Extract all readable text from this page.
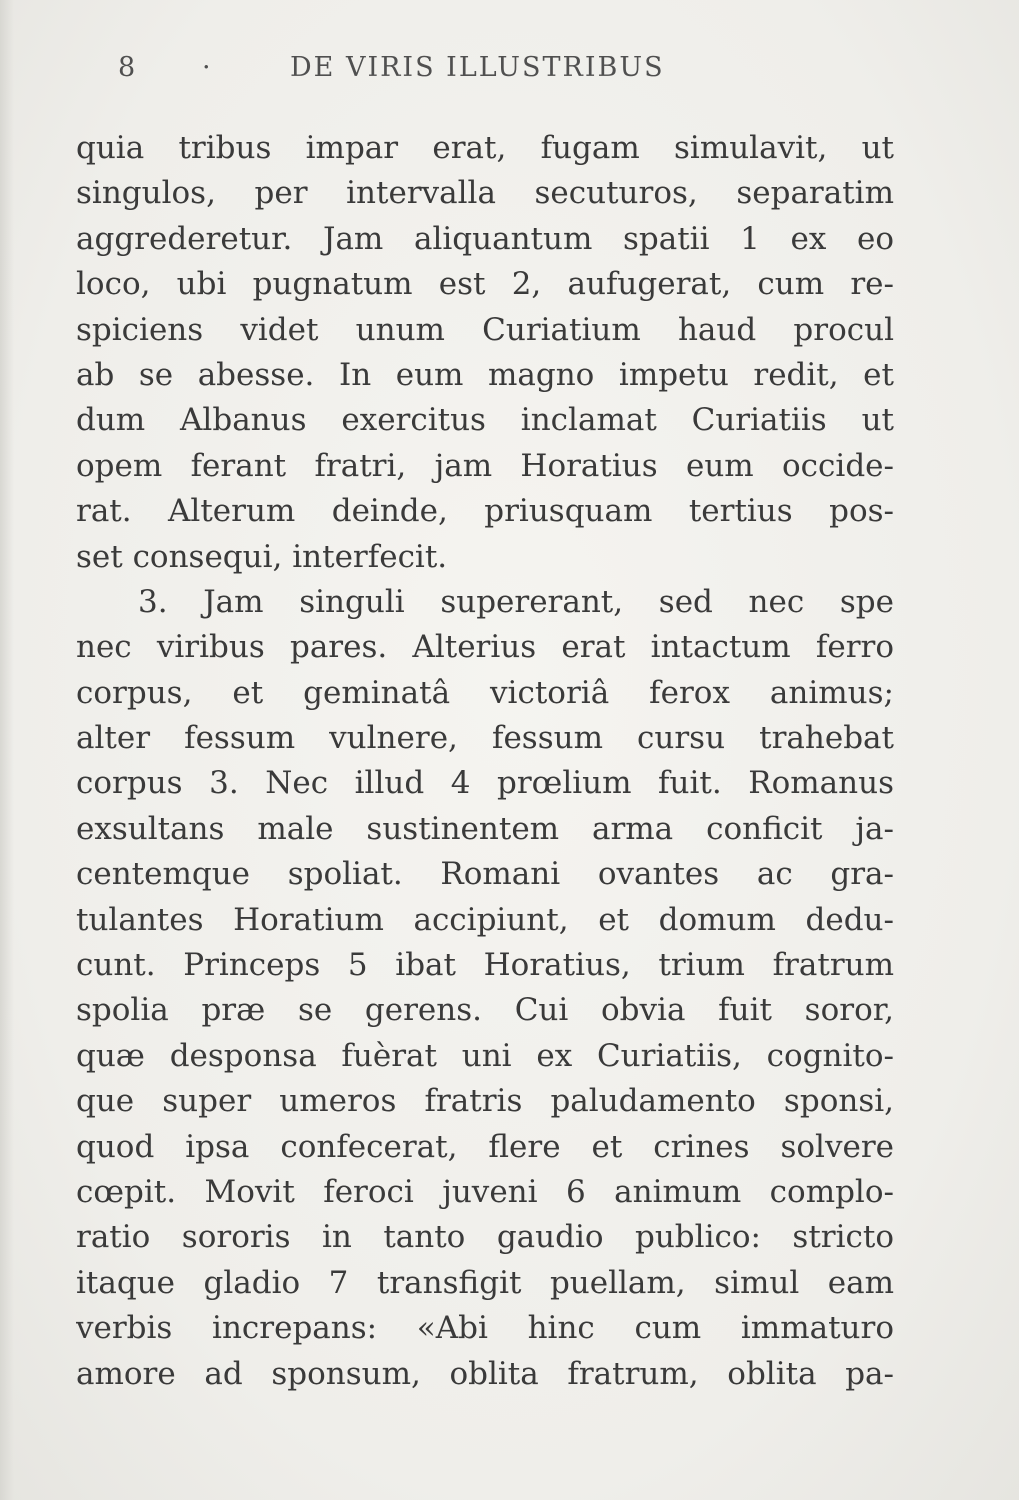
8 ·	DE VIRIS ILLUSTRIBUS
quia tribus impar erat, fugam simulavit, ut
singulos, per intervalla secuturos, separatim
aggrederetur. Jam aliquantum spatii 1 ex eo
loco, ubi pugnatum est 2, aufugerat, cum re-
spiciens videt unum Curiatium haud procul
ab se abesse. In eum magno impetu redit, et
dum Albanus exercitus inclamat Curiatiis ut
opem ferant fratri, jam Horatius eum occide-
rat. Alterum deinde, priusquam tertius pos-
set consequi, interfecit.
3. Jam singuli supererant, sed nec spe
nec viribus pares. Alterius erat intactum ferro
corpus, et geminatâ victoriâ ferox animus;
alter fessum vulnere, fessum cursu trahebat
corpus 3. Nec illud 4 prœlium fuit. Romanus
exsultans male sustinentem arma conficit ja-
centemque spoliat. Romani ovantes ac gra-
tulantes Horatium accipiunt, et domum dedu-
cunt. Princeps 5 ibat Horatius, trium fratrum
spolia præ se gerens. Cui obvia fuit soror,
quæ desponsa fuèrat uni ex Curiatiis, cognito-
que super umeros fratris paludamento sponsi,
quod ipsa confecerat, flere et crines solvere
cœpit. Movit feroci juveni 6 animum complo-
ratio sororis in tanto gaudio publico: stricto
itaque gladio 7 transfigit puellam, simul eam
verbis increpans: «Abi hinc cum immaturo
amore ad sponsum, oblita fratrum, oblita pa-
